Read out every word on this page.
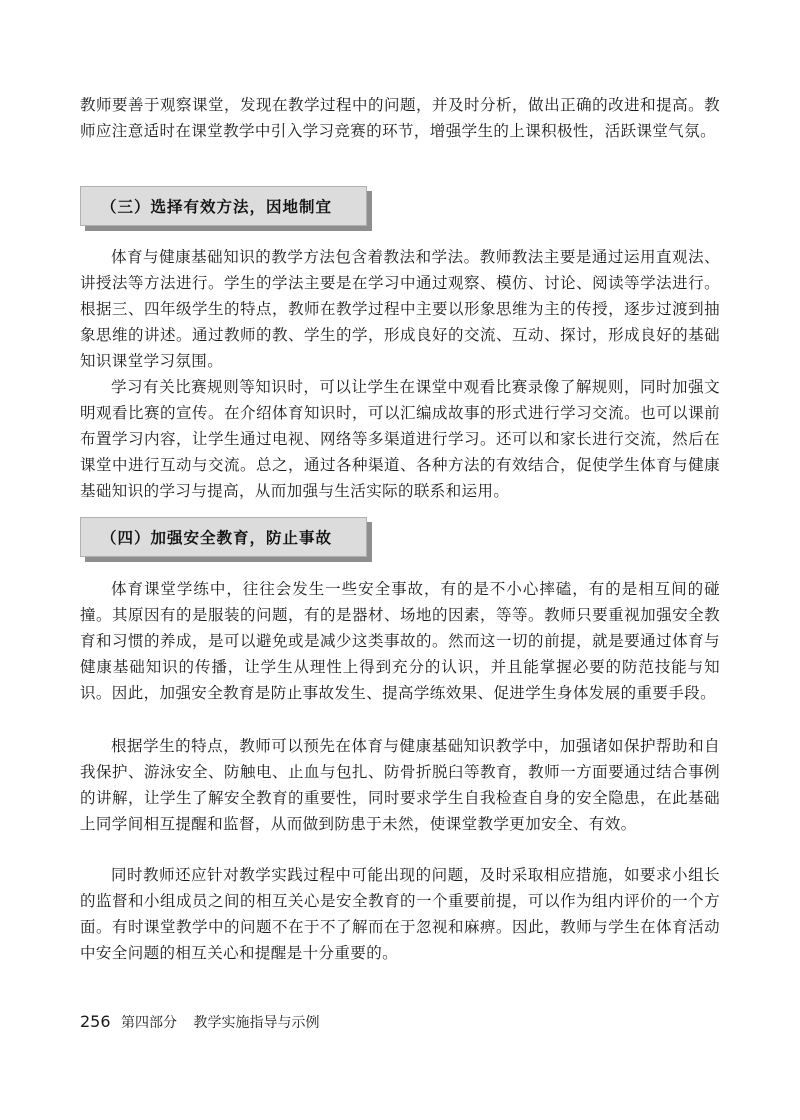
教师要善于观察课堂，发现在教学过程中的问题，并及时分析，做出正确的改进和提高。教师应注意适时在课堂教学中引入学习竞赛的环节，增强学生的上课积极性，活跃课堂气氛。

（三）选择有效方法，因地制宜

体育与健康基础知识的教学方法包含着教法和学法。教师教法主要是通过运用直观法、讲授法等方法进行。学生的学法主要是在学习中通过观察、模仿、讨论、阅读等学法进行。根据三、四年级学生的特点，教师在教学过程中主要以形象思维为主的传授，逐步过渡到抽象思维的讲述。通过教师的教、学生的学，形成良好的交流、互动、探讨，形成良好的基础知识课堂学习氛围。

学习有关比赛规则等知识时，可以让学生在课堂中观看比赛录像了解规则，同时加强文明观看比赛的宣传。在介绍体育知识时，可以汇编成故事的形式进行学习交流。也可以课前布置学习内容，让学生通过电视、网络等多渠道进行学习。还可以和家长进行交流，然后在课堂中进行互动与交流。总之，通过各种渠道、各种方法的有效结合，促使学生体育与健康基础知识的学习与提高，从而加强与生活实际的联系和运用。

（四）加强安全教育，防止事故

体育课堂学练中，往往会发生一些安全事故，有的是不小心摔磕，有的是相互间的碰撞。其原因有的是服装的问题，有的是器材、场地的因素，等等。教师只要重视加强安全教育和习惯的养成，是可以避免或是减少这类事故的。然而这一切的前提，就是要通过体育与健康基础知识的传播，让学生从理性上得到充分的认识，并且能掌握必要的防范技能与知识。因此，加强安全教育是防止事故发生、提高学练效果、促进学生身体发展的重要手段。

根据学生的特点，教师可以预先在体育与健康基础知识教学中，加强诸如保护帮助和自我保护、游泳安全、防触电、止血与包扎、防骨折脱臼等教育，教师一方面要通过结合事例的讲解，让学生了解安全教育的重要性，同时要求学生自我检查自身的安全隐患，在此基础上同学间相互提醒和监督，从而做到防患于未然，使课堂教学更加安全、有效。

同时教师还应针对教学实践过程中可能出现的问题，及时采取相应措施，如要求小组长的监督和小组成员之间的相互关心是安全教育的一个重要前提，可以作为组内评价的一个方面。有时课堂教学中的问题不在于不了解而在于忽视和麻痹。因此，教师与学生在体育活动中安全问题的相互关心和提醒是十分重要的。

256 第四部分 教学实施指导与示例
